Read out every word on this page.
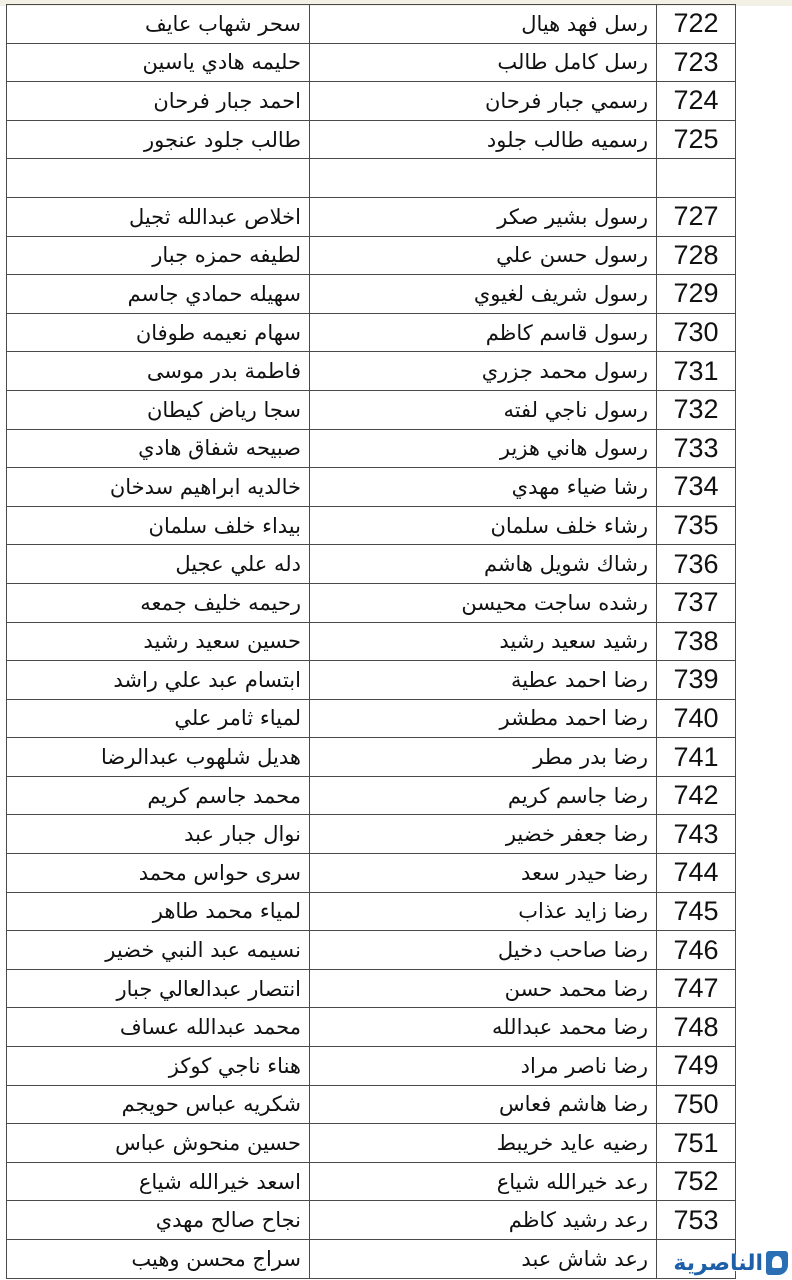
722	رسل فهد هيال	سحر شهاب عايف
723	رسل كامل طالب	حليمه هادي ياسين
724	رسمي جبار فرحان	احمد جبار فرحان
725	رسميه طالب جلود	طالب جلود عنجور

727	رسول بشير صكر	اخلاص عبدالله ثجيل
728	رسول حسن علي	لطيفه حمزه جبار
729	رسول شريف لغيوي	سهيله حمادي جاسم
730	رسول قاسم كاظم	سهام نعيمه طوفان
731	رسول محمد جزري	فاطمة بدر موسى
732	رسول ناجي لفته	سجا رياض كيطان
733	رسول هاني هزير	صبيحه شفاق هادي
734	رشا ضياء مهدي	خالديه ابراهيم سدخان
735	رشاء خلف سلمان	بيداء خلف سلمان
736	رشاك شويل هاشم	دله علي عجيل
737	رشده ساجت محيسن	رحيمه خليف جمعه
738	رشيد سعيد رشيد	حسين سعيد رشيد
739	رضا احمد عطية	ابتسام عبد علي راشد
740	رضا احمد مطشر	لمياء ثامر علي
741	رضا بدر مطر	هديل شلهوب عبدالرضا
742	رضا جاسم كريم	محمد جاسم كريم
743	رضا جعفر خضير	نوال جبار عبد
744	رضا حيدر سعد	سرى حواس محمد
745	رضا زايد عذاب	لمياء محمد طاهر
746	رضا صاحب دخيل	نسيمه عبد النبي خضير
747	رضا محمد حسن	انتصار عبدالعالي جبار
748	رضا محمد عبدالله	محمد عبدالله عساف
749	رضا ناصر مراد	هناء ناجي كوكز
750	رضا هاشم فعاس	شكريه عباس حويجم
751	رضيه عايد خريبط	حسين منحوش عباس
752	رعد خيرالله شياع	اسعد خيرالله شياع
753	رعد رشيد كاظم	نجاح صالح مهدي
	رعد شاش عبد	سراج محسن وهيب	الناصرية
